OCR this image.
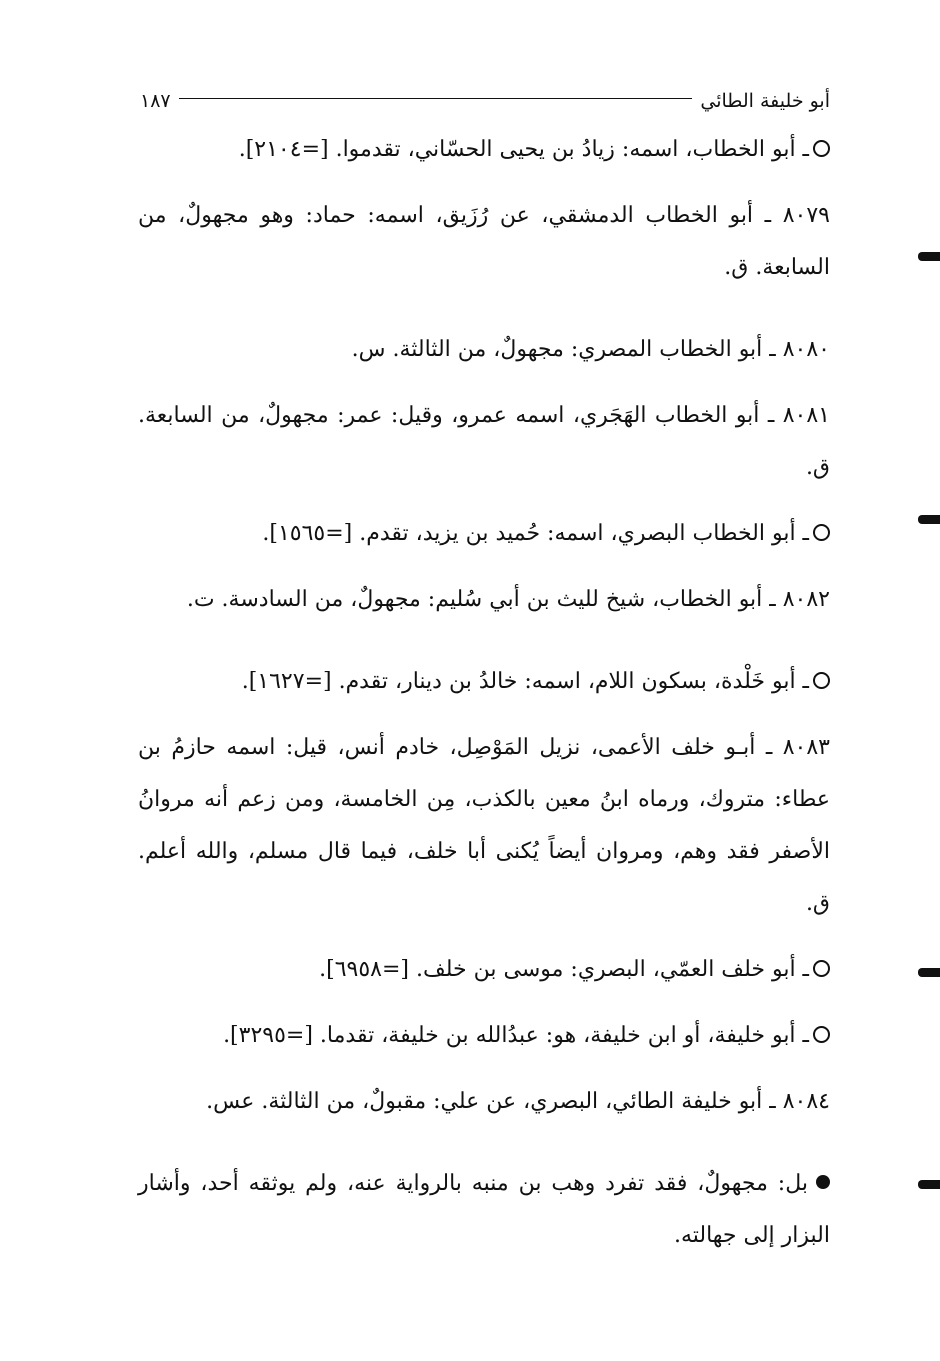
أبو خليفة الطائي
١٨٧

ـ أبو الخطاب، اسمه: زيادُ بن يحيى الحسّاني، تقدموا. [=٢١٠٤].

٨٠٧٩ ـ أبو الخطاب الدمشقي، عن رُزَيق، اسمه: حماد: وهو مجهولٌ، من السابعة. ق.

٨٠٨٠ ـ أبو الخطاب المصري: مجهولٌ، من الثالثة. س.

٨٠٨١ ـ أبو الخطاب الهَجَري، اسمه عمرو، وقيل: عمر: مجهولٌ، من السابعة. ق.

ـ أبو الخطاب البصري، اسمه: حُميد بن يزيد، تقدم. [=١٥٦٥].

٨٠٨٢ ـ أبو الخطاب، شيخ لليث بن أبي سُليم: مجهولٌ، من السادسة. ت.

ـ أبو خَلْدة، بسكون اللام، اسمه: خالدُ بن دينار، تقدم. [=١٦٢٧].

٨٠٨٣ ـ أبـو خلف الأعمى، نزيل المَوْصِل، خادم أنس، قيل: اسمه حازمُ بن عطاء: متروك، ورماه ابنُ معين بالكذب، مِن الخامسة، ومن زعم أنه مروانُ الأصفر فقد وهم، ومروان أيضاً يُكنى أبا خلف، فيما قال مسلم، والله أعلم. ق.

ـ أبو خلف العمّي، البصري: موسى بن خلف. [=٦٩٥٨].

ـ أبو خليفة، أو ابن خليفة، هو: عبدُالله بن خليفة، تقدما. [=٣٢٩٥].

٨٠٨٤ ـ أبو خليفة الطائي، البصري، عن علي: مقبولٌ، من الثالثة. عس.

بل: مجهولٌ، فقد تفرد وهب بن منبه بالرواية عنه، ولم يوثقه أحد، وأشار البزار إلى جهالته.
